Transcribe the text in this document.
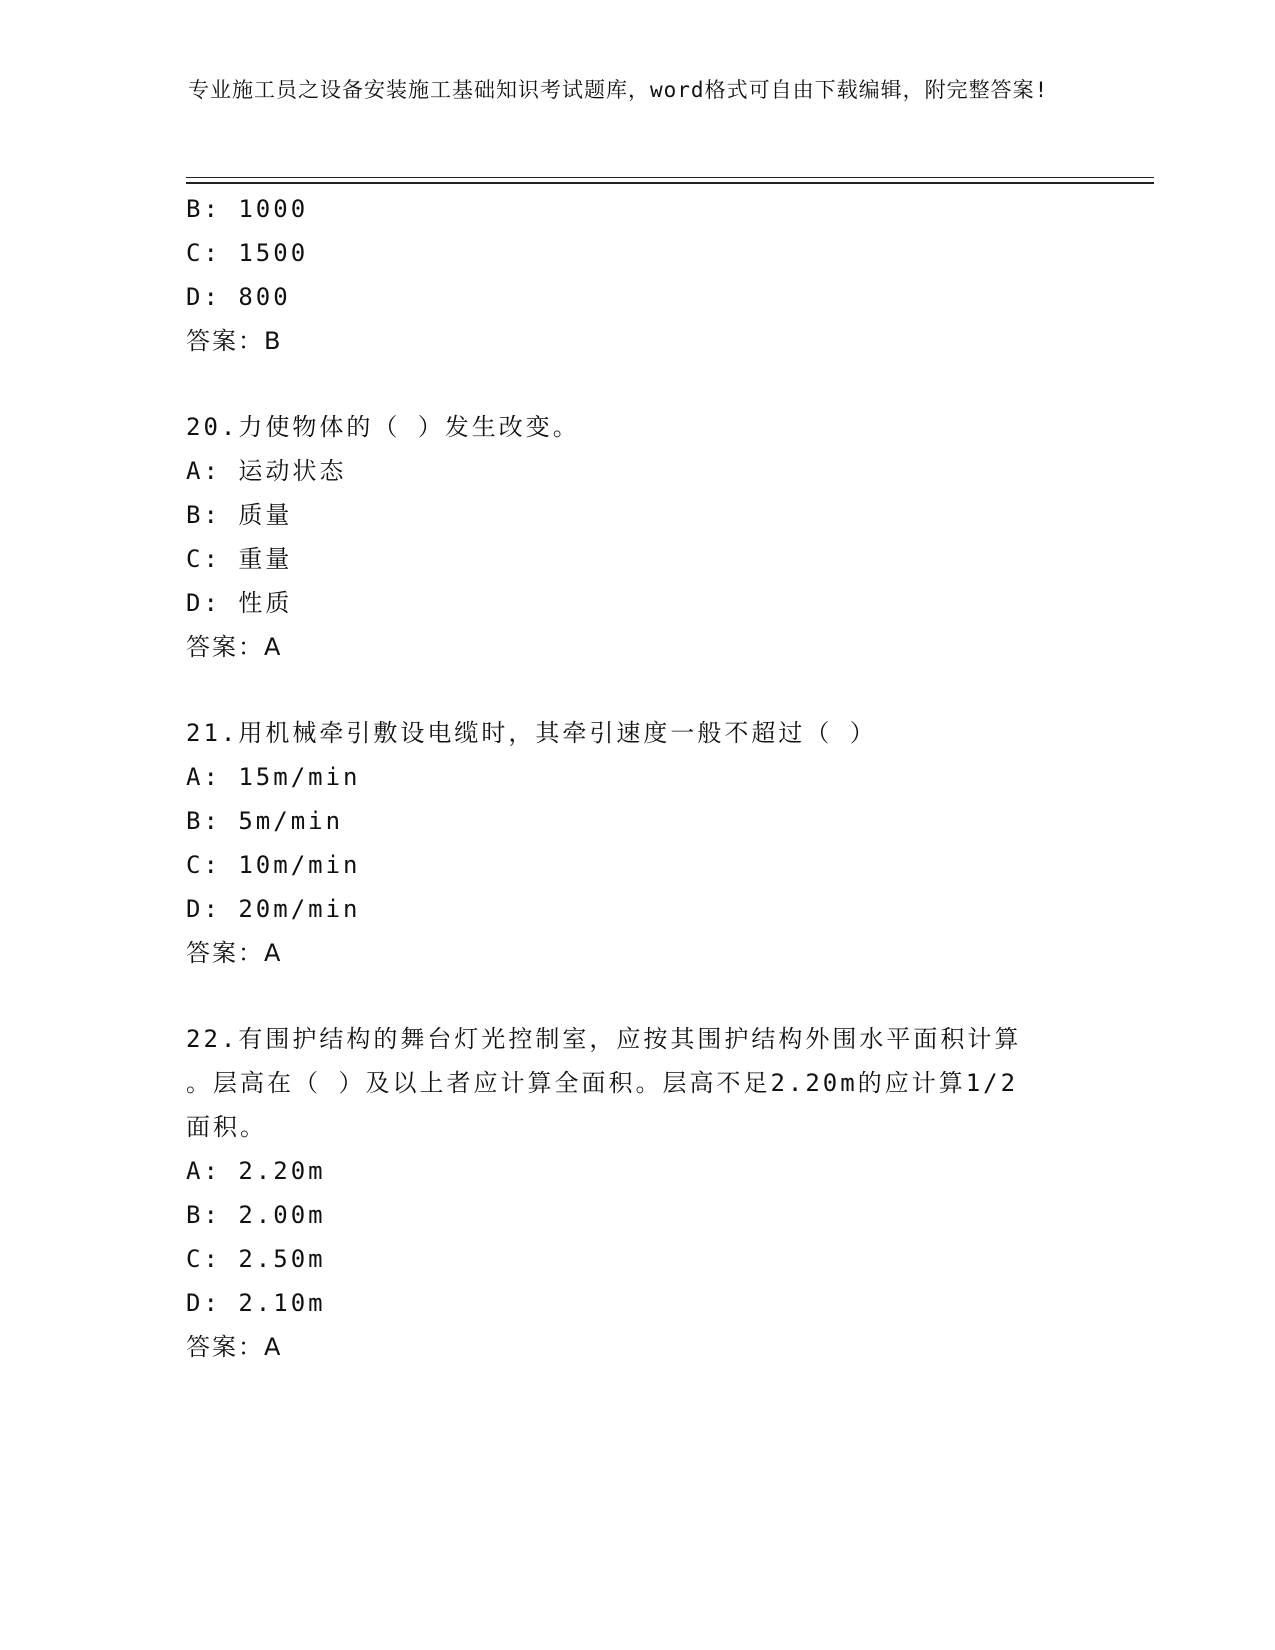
专业施工员之设备安装施工基础知识考试题库，word格式可自由下载编辑，附完整答案!
B: 1000
C: 1500
D: 800
答案：B
20.力使物体的（ ）发生改变。
A: 运动状态
B: 质量
C: 重量
D: 性质
答案：A
21.用机械牵引敷设电缆时，其牵引速度一般不超过（ ）
A: 15m/min
B: 5m/min
C: 10m/min
D: 20m/min
答案：A
22.有围护结构的舞台灯光控制室，应按其围护结构外围水平面积计算
。层高在（ ）及以上者应计算全面积。层高不足2.20m的应计算1/2
面积。
A: 2.20m
B: 2.00m
C: 2.50m
D: 2.10m
答案：A
